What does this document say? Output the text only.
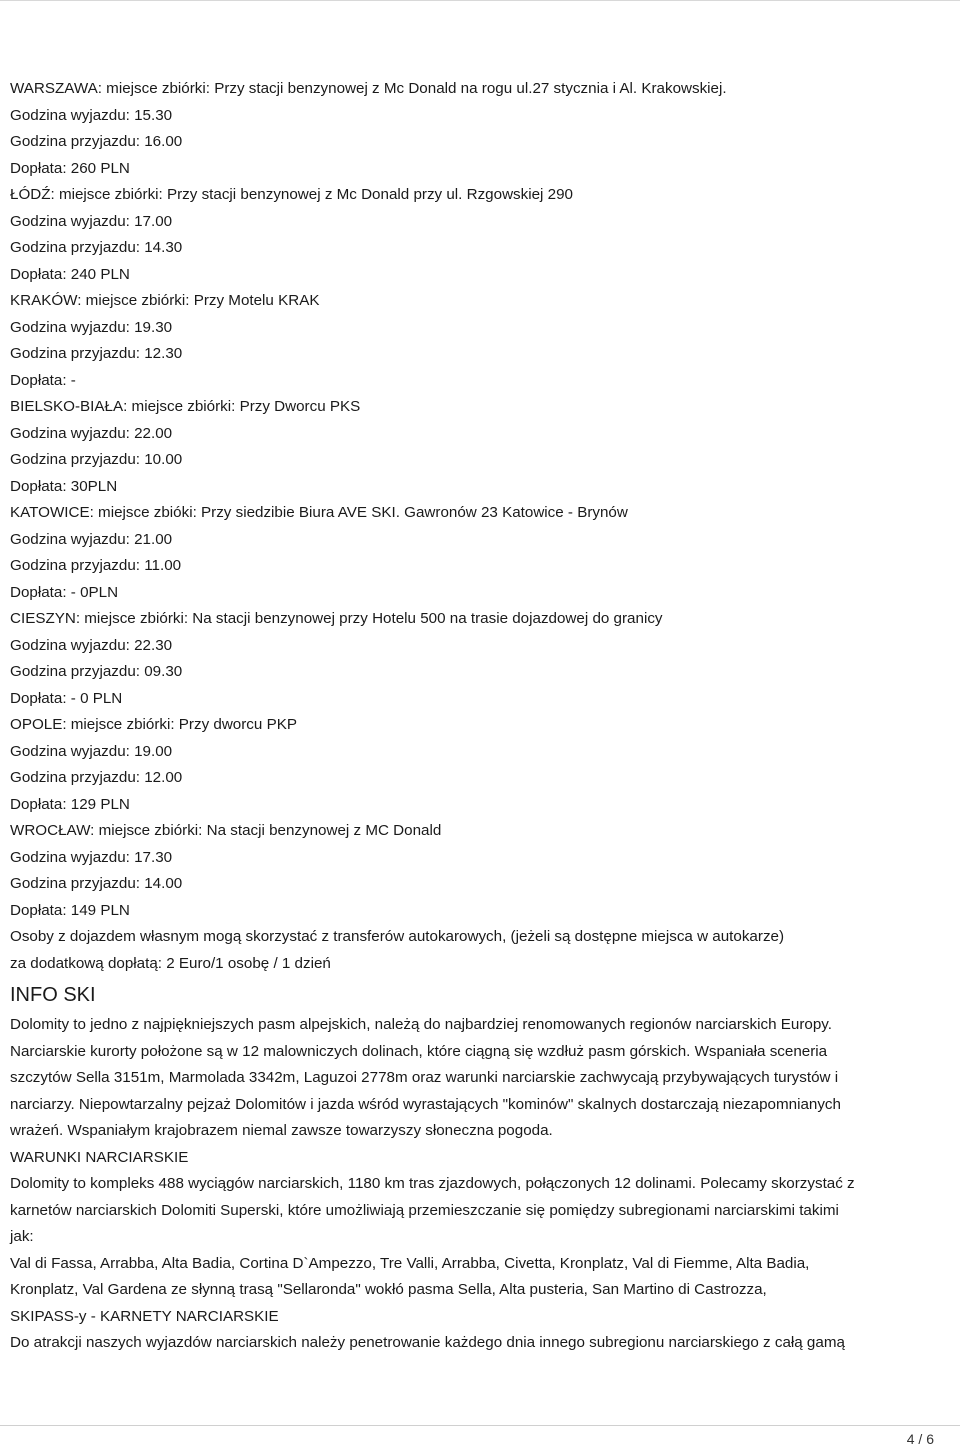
WARSZAWA: miejsce zbiórki: Przy stacji benzynowej z Mc Donald na rogu ul.27 stycznia i Al. Krakowskiej.
Godzina wyjazdu: 15.30
Godzina przyjazdu: 16.00
Dopłata: 260 PLN
ŁÓDŹ: miejsce zbiórki: Przy stacji benzynowej z Mc Donald przy ul. Rzgowskiej 290
Godzina wyjazdu: 17.00
Godzina przyjazdu: 14.30
Dopłata: 240 PLN
KRAKÓW: miejsce zbiórki: Przy Motelu KRAK
Godzina wyjazdu: 19.30
Godzina przyjazdu: 12.30
Dopłata: -
BIELSKO-BIAŁA: miejsce zbiórki: Przy Dworcu PKS
Godzina wyjazdu: 22.00
Godzina przyjazdu: 10.00
Dopłata: 30PLN
KATOWICE: miejsce zbióki: Przy siedzibie Biura AVE SKI. Gawronów 23 Katowice - Brynów
Godzina wyjazdu: 21.00
Godzina przyjazdu: 11.00
Dopłata: - 0PLN
CIESZYN: miejsce zbiórki: Na stacji benzynowej przy Hotelu 500 na trasie dojazdowej do granicy
Godzina wyjazdu: 22.30
Godzina przyjazdu: 09.30
Dopłata: - 0 PLN
OPOLE: miejsce zbiórki: Przy dworcu PKP
Godzina wyjazdu: 19.00
Godzina przyjazdu: 12.00
Dopłata: 129 PLN
WROCŁAW: miejsce zbiórki: Na stacji benzynowej z MC Donald
Godzina wyjazdu: 17.30
Godzina przyjazdu: 14.00
Dopłata: 149 PLN
Osoby z dojazdem własnym mogą skorzystać z transferów autokarowych, (jeżeli są dostępne miejsca w autokarze)
za dodatkową dopłatą: 2 Euro/1 osobę / 1 dzień
INFO SKI
Dolomity to jedno z najpiękniejszych pasm alpejskich, należą do najbardziej renomowanych regionów narciarskich Europy.
Narciarskie kurorty położone są w 12 malowniczych dolinach, które ciągną się wzdłuż pasm górskich. Wspaniała sceneria
szczytów Sella 3151m, Marmolada 3342m, Laguzoi 2778m oraz warunki narciarskie zachwycają przybywających turystów i
narciarzy. Niepowtarzalny pejzaż Dolomitów i jazda wśród wyrastających "kominów" skalnych dostarczają niezapomnianych
wrażeń. Wspaniałym krajobrazem niemal zawsze towarzyszy słoneczna pogoda.
WARUNKI NARCIARSKIE
Dolomity to kompleks 488 wyciągów narciarskich, 1180 km tras zjazdowych, połączonych 12 dolinami. Polecamy skorzystać z
karnetów narciarskich Dolomiti Superski, które umożliwiają przemieszczanie się pomiędzy subregionami narciarskimi takimi
jak:
Val di Fassa, Arrabba, Alta Badia, Cortina D`Ampezzo, Tre Valli, Arrabba, Civetta, Kronplatz, Val di Fiemme, Alta Badia,
Kronplatz, Val Gardena ze słynną trasą "Sellaronda" wokłó pasma Sella, Alta pusteria, San Martino di Castrozza,
SKIPASS-y - KARNETY NARCIARSKIE
Do atrakcji naszych wyjazdów narciarskich należy penetrowanie każdego dnia innego subregionu narciarskiego z całą gamą
4 / 6
